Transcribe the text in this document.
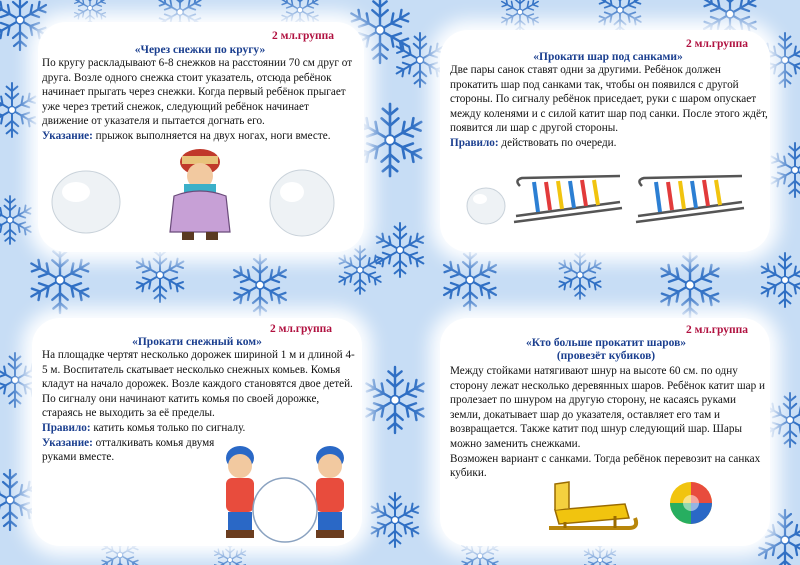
2 мл.группа
«Через снежки по кругу»

По кругу раскладывают 6-8 снежков на расстоянии 70 см друг от друга. Возле одного снежка стоит указатель, отсюда ребёнок начинает прыгать через снежки. Когда первый ребёнок прыгает уже через третий снежок, следующий ребёнок начинает движение от указателя и пытается догнать его.

Указание: прыжок выполняется на двух ногах, ноги вместе.

2 мл.группа
«Прокати шар под санками»

Две пары санок ставят одни за другими. Ребёнок должен прокатить шар под санками так, чтобы он появился с другой стороны. По сигналу ребёнок приседает, руки с шаром опускает между коленями и с силой катит шар под санки. После этого ждёт, появится ли шар с другой стороны.

Правило: действовать по очереди.

2 мл.группа
«Прокати снежный ком»

На площадке чертят несколько дорожек шириной 1 м и длиной 4-5 м. Воспитатель скатывает несколько снежных комьев. Комья кладут на начало дорожек. Возле каждого становятся двое детей. По сигналу они начинают катить комья по своей дорожке, стараясь не выходить за её пределы.

Правило: катить комья только по сигналу.

Указание: отталкивать комья двумя

руками вместе.

2 мл.группа
«Кто больше прокатит шаров»
(провезёт кубиков)

Между стойками натягивают шнур на высоте 60 см. по одну сторону лежат несколько деревянных шаров. Ребёнок катит шар и пролезает по шнуром на другую сторону, не касаясь руками земли, докатывает шар до указателя, оставляет его там и возвращается. Также катит под шнур следующий шар. Шары можно заменить снежками.

Возможен вариант с санками. Тогда ребёнок перевозит на санках кубики.
